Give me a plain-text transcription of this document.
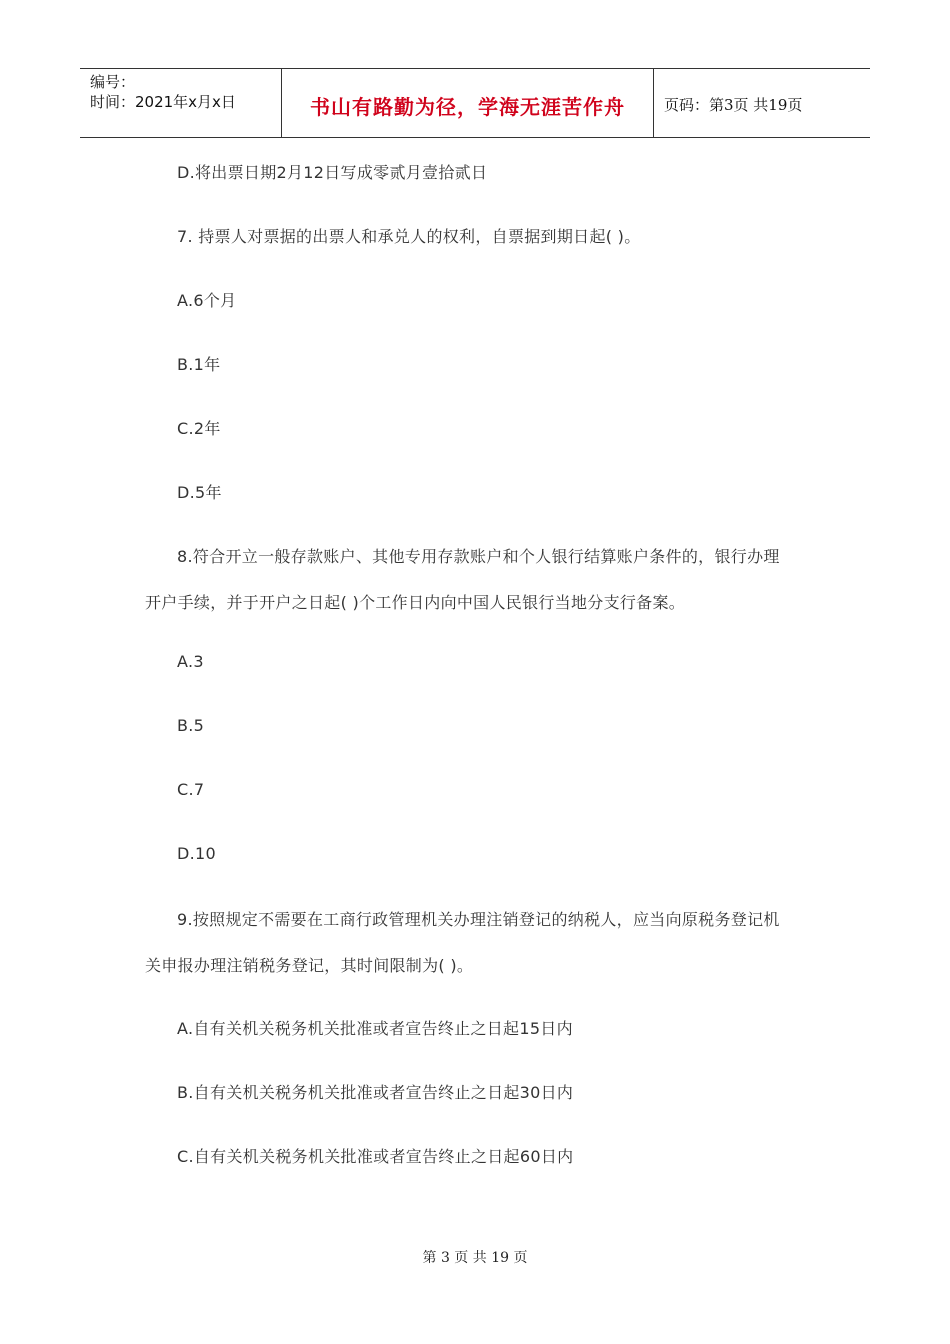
编号：
时间：2021年x月x日	书山有路勤为径，学海无涯苦作舟	页码：第3页 共19页
D.将出票日期2月12日写成零贰月壹拾贰日
7. 持票人对票据的出票人和承兑人的权利，自票据到期日起( )。
A.6个月
B.1年
C.2年
D.5年
8.符合开立一般存款账户、其他专用存款账户和个人银行结算账户条件的，银行办理
开户手续，并于开户之日起( )个工作日内向中国人民银行当地分支行备案。
A.3
B.5
C.7
D.10
9.按照规定不需要在工商行政管理机关办理注销登记的纳税人，应当向原税务登记机
关申报办理注销税务登记，其时间限制为( )。
A.自有关机关税务机关批准或者宣告终止之日起15日内
B.自有关机关税务机关批准或者宣告终止之日起30日内
C.自有关机关税务机关批准或者宣告终止之日起60日内
第 3 页 共 19 页
